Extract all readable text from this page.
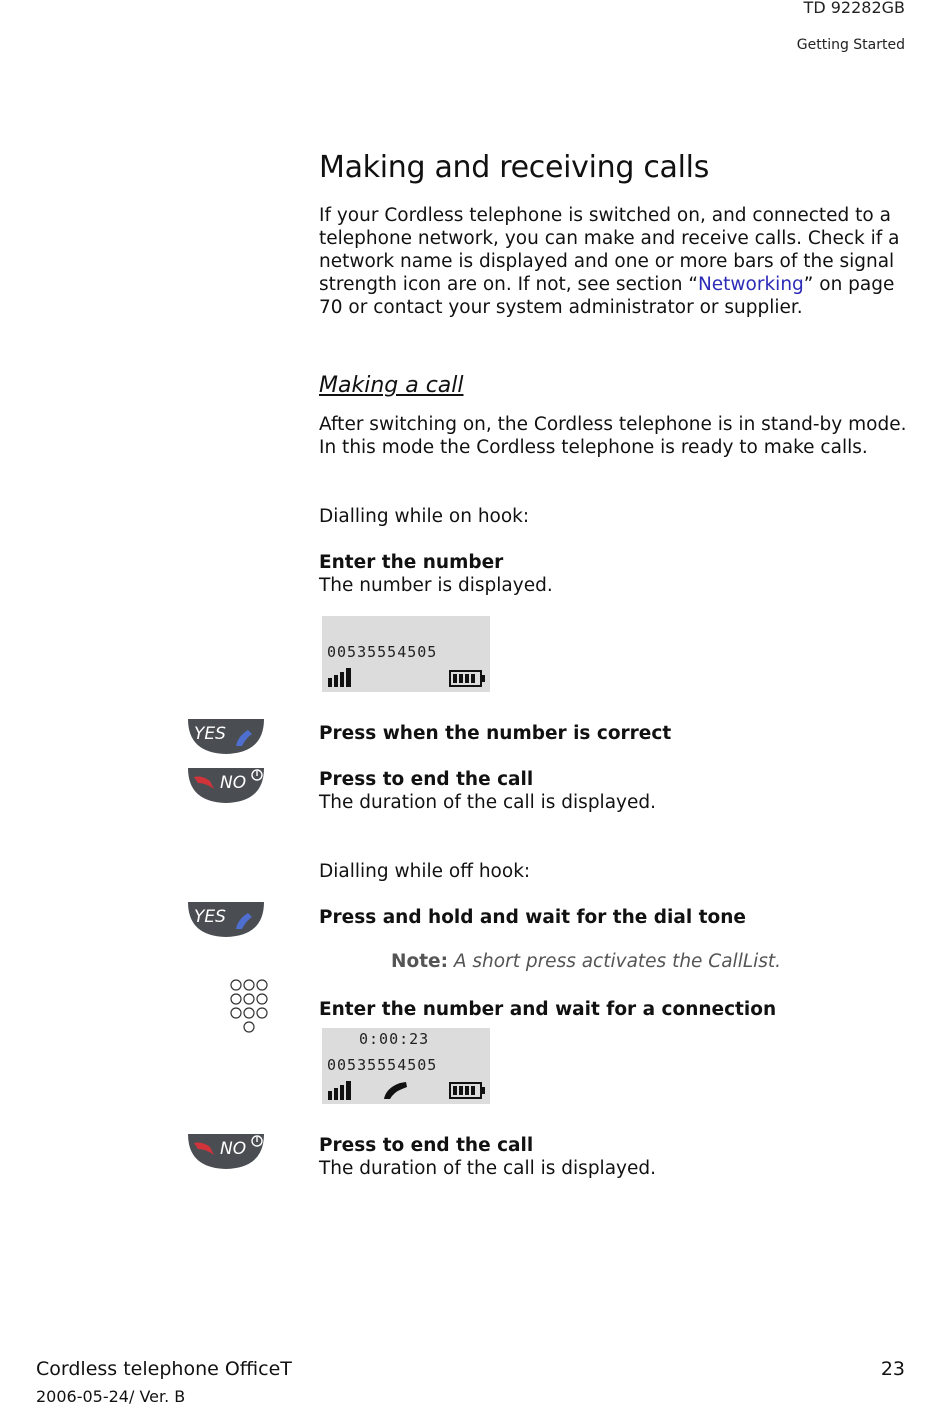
TD 92282GB
Getting Started
Making and receiving calls
If your Cordless telephone is switched on, and connected to a telephone network, you can make and receive calls. Check if a network name is displayed and one or more bars of the signal strength icon are on. If not, see section “Networking” on page 70 or contact your system administrator or supplier.
Making a call
After switching on, the Cordless telephone is in stand-by mode. In this mode the Cordless telephone is ready to make calls.
Dialling while on hook:
Enter the number
The number is displayed.
00535554505
YES	Press when the number is correct
NO	Press to end the call
The duration of the call is displayed.
Dialling while off hook:
YES	Press and hold and wait for the dial tone
Note: A short press activates the CallList.
Enter the number and wait for a connection
0:00:23
00535554505
NO	Press to end the call
The duration of the call is displayed.
Cordless telephone OfficeT
2006-05-24/ Ver. B
23
